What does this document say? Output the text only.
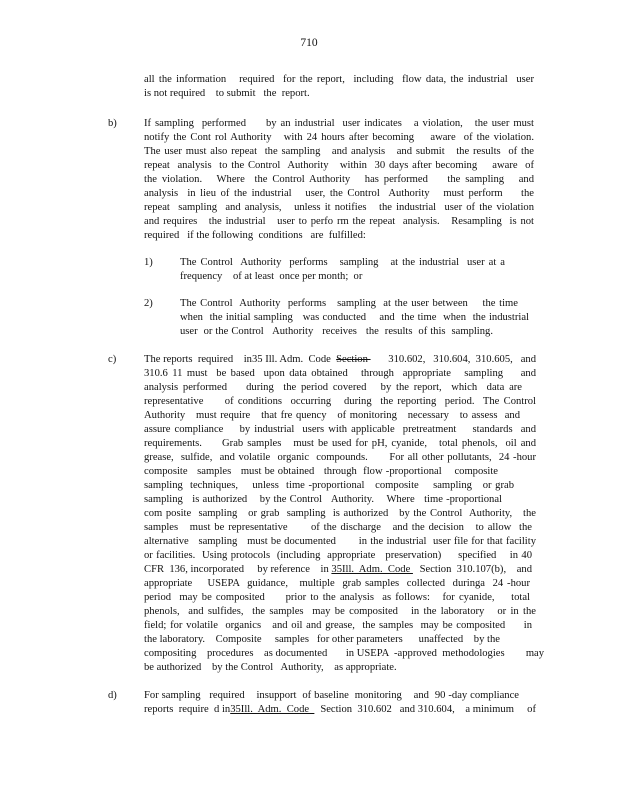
710
all the information   required  for the report,  including  flow data, the industrial  user
is not required    to submit   the  report.
b)	If sampling  performed     by an industrial  user indicates   a violation,   the user must
notify the Cont rol Authority   with 24 hours after becoming    aware  of the violation.
The user must also repeat  the sampling   and analysis   and submit   the results  of the
repeat  analysis  to the Control  Authority   within  30 days after becoming    aware  of
the violation.   Where  the Control Authority   has performed    the sampling   and
analysis  in lieu of the industrial   user, the Control  Authority   must perform    the
repeat  sampling  and analysis,   unless it notifies   the industrial  user of the violation
and requires   the industrial   user to perfo rm the repeat  analysis.   Resampling  is not
required   if the following  conditions   are  fulfilled:
1)	The Control  Authority  performs   sampling   at the industrial  user at a
frequency    of at least  once per month;  or
2)	The Control  Authority  performs   sampling  at the user between    the time
when  the initial sampling   was conducted    and  the time  when  the industrial
user  or the Control   Authority   receives   the  results  of this  sampling.
c)	The reports  required    in35 Ill. Adm.  Code  Section 310.602,   310.604,  310.605,   and
310.6 11 must  be based  upon data obtained   through  appropriate   sampling    and
analysis performed    during  the period covered   by the report,  which  data are
representative     of conditions  occurring   during  the reporting  period.  The Control
Authority   must require   that fre quency   of monitoring   necessary   to assess  and
assure compliance    by industrial  users with applicable  pretreatment    standards  and
requirements.     Grab samples   must be used for pH, cyanide,   total phenols,  oil and
grease,  sulfide,  and volatile  organic  compounds.      For all other pollutants,  24 -hour
composite   samples   must be obtained   through  flow -proportional    composite
sampling  techniques,    unless  time -proportional   composite    sampling   or grab
sampling   is authorized    by the Control   Authority.    Where   time -proportional
com posite  sampling   or grab  sampling  is authorized   by the Control  Authority,   the
samples   must be representative      of the discharge   and the decision   to allow  the
alternative   sampling   must be documented       in the industrial  user file for that facility
or facilities.  Using protocols  (including  appropriate   preservation)     specified    in 40
CFR  136, incorporated     by reference    in 35Ill.  Adm.  Code Section  310.107(b),    and
appropriate    USEPA  guidance,   multiple  grab samples  collected  duringa  24 -hour
period  may be composited     prior to the analysis  as follows:   for cyanide,    total
phenols,  and sulfides,  the samples  may be composited   in the laboratory   or in the
field; for volatile  organics   and oil and grease,  the samples  may be composited     in
the laboratory.    Composite     samples   for other parameters      unaffected    by the
compositing    procedures    as documented       in USEPA  -approved  methodologies        may
be authorized    by the Control   Authority,    as appropriate.
d)	For sampling   required    insupport  of baseline  monitoring    and  90 -day compliance
reports  require  d in35Ill.  Adm.  Code Section  310.602   and 310.604,    a minimum     of
